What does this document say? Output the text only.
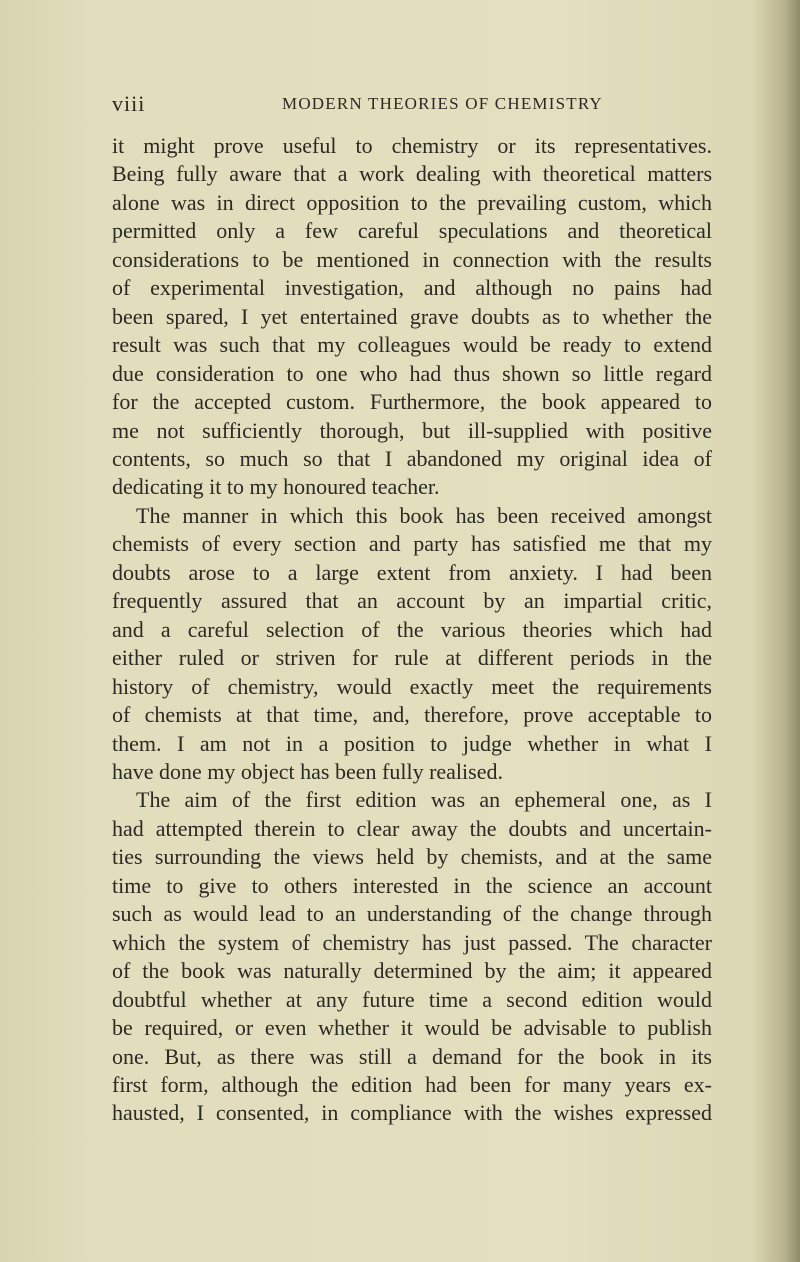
viii	MODERN THEORIES OF CHEMISTRY
it might prove useful to chemistry or its representatives.
Being fully aware that a work dealing with theoretical matters
alone was in direct opposition to the prevailing custom, which
permitted only a few careful speculations and theoretical
considerations to be mentioned in connection with the results
of experimental investigation, and although no pains had
been spared, I yet entertained grave doubts as to whether the
result was such that my colleagues would be ready to extend
due consideration to one who had thus shown so little regard
for the accepted custom. Furthermore, the book appeared to
me not sufficiently thorough, but ill-supplied with positive
contents, so much so that I abandoned my original idea of
dedicating it to my honoured teacher.
The manner in which this book has been received amongst
chemists of every section and party has satisfied me that my
doubts arose to a large extent from anxiety. I had been
frequently assured that an account by an impartial critic,
and a careful selection of the various theories which had
either ruled or striven for rule at different periods in the
history of chemistry, would exactly meet the requirements
of chemists at that time, and, therefore, prove acceptable to
them. I am not in a position to judge whether in what I
have done my object has been fully realised.
The aim of the first edition was an ephemeral one, as I
had attempted therein to clear away the doubts and uncertain-
ties surrounding the views held by chemists, and at the same
time to give to others interested in the science an account
such as would lead to an understanding of the change through
which the system of chemistry has just passed. The character
of the book was naturally determined by the aim; it appeared
doubtful whether at any future time a second edition would
be required, or even whether it would be advisable to publish
one. But, as there was still a demand for the book in its
first form, although the edition had been for many years ex-
hausted, I consented, in compliance with the wishes expressed
